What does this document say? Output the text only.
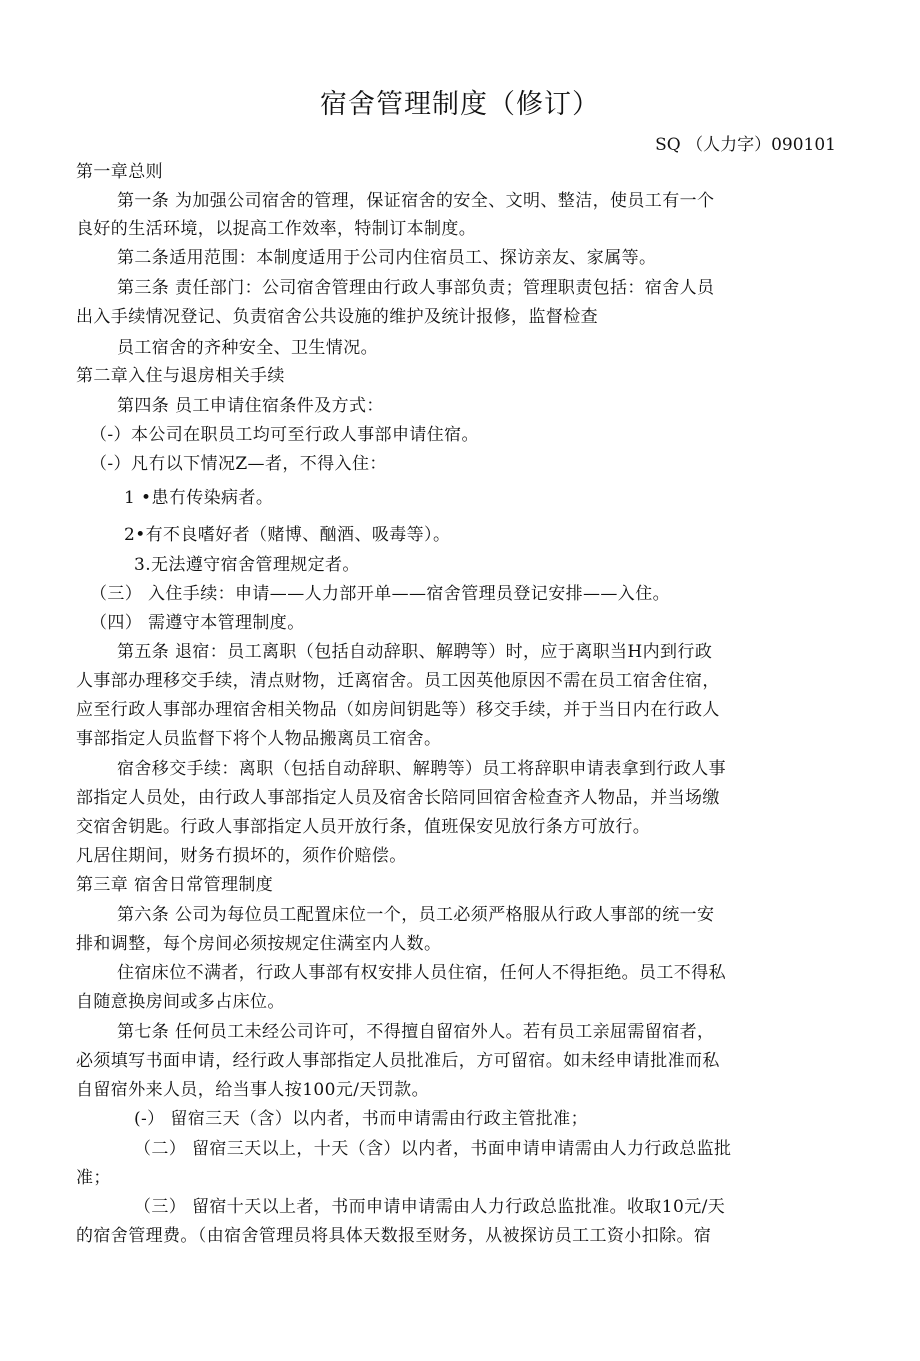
宿舍管理制度（修订）
SQ （人力字）090101
第一章总则
第一条 为加强公司宿舍的管理，保证宿舍的安全、文明、整洁，使员工有一个
良好的生活环境，以捉高工作效率，特制订本制度。
第二条适用范围：本制度适用于公司内住宿员工、探访亲友、家属等。
第三条 责任部门：公司宿舍管理由行政人事部负责；管理职责包括：宿舍人员
出入手续情况登记、负责宿舍公共设施的维护及统计报修，监督检查
员工宿舍的齐种安全、卫生情况。
第二章入住与退房相关手续
第四条 员工申请住宿条件及方式：
（-）本公司在职员工均可至行政人事部申请住宿。
（-）凡冇以下情况Z—者，不得入住：
1 •患冇传染病者。
2•有不良嗜好者（赌博、酗酒、吸毒等）。
3.无法遵守宿舍管理规定者。
（三） 入住手续：申请——人力部开单——宿舍管理员登记安排——入住。
（四） 需遵守本管理制度。
第五条 退宿：员工离职（包括自动辞职、解聘等）时，应于离职当H内到行政
人事部办理移交手续，清点财物，迁离宿舍。员工因英他原因不需在员工宿舍住宿，
应至行政人事部办理宿舍相关物品（如房间钥匙等）移交手续，并于当日内在行政人
事部指定人员监督下将个人物品搬离员工宿舍。
宿舍移交手续：离职（包括自动辞职、解聘等）员工将辞职申请表拿到行政人事
部指定人员处，由行政人事部指定人员及宿舍长陪同回宿舍检查齐人物品，并当场缴
交宿舍钥匙。行政人事部指定人员开放行条，值班保安见放行条方可放行。
凡居住期间，财务冇损坏的，须作价赔偿。
第三章 宿舍日常管理制度
第六条 公司为每位员工配置床位一个，员工必须严格服从行政人事部的统一安
排和调整，每个房间必须按规定住满室内人数。
住宿床位不满者，行政人事部有权安排人员住宿，任何人不得拒绝。员工不得私
自随意换房间或多占床位。
第七条 任何员工未经公司许可，不得擅自留宿外人。若有员工亲屈需留宿者，
必须填写书面申请，经行政人事部指定人员批准后，方可留宿。如未经申请批准而私
自留宿外来人员，给当事人按100元/天罚款。
(-） 留宿三天（含）以内者，书而申请需由行政主管批准；
（二） 留宿三天以上，十天（含）以内者，书面申请申请需由人力行政总监批
准；
（三） 留宿十天以上者，书而申请申请需由人力行政总监批准。收取10元/天
的宿舍管理费。（由宿舍管理员将具体天数报至财务，从被探访员工工资小扣除。宿
